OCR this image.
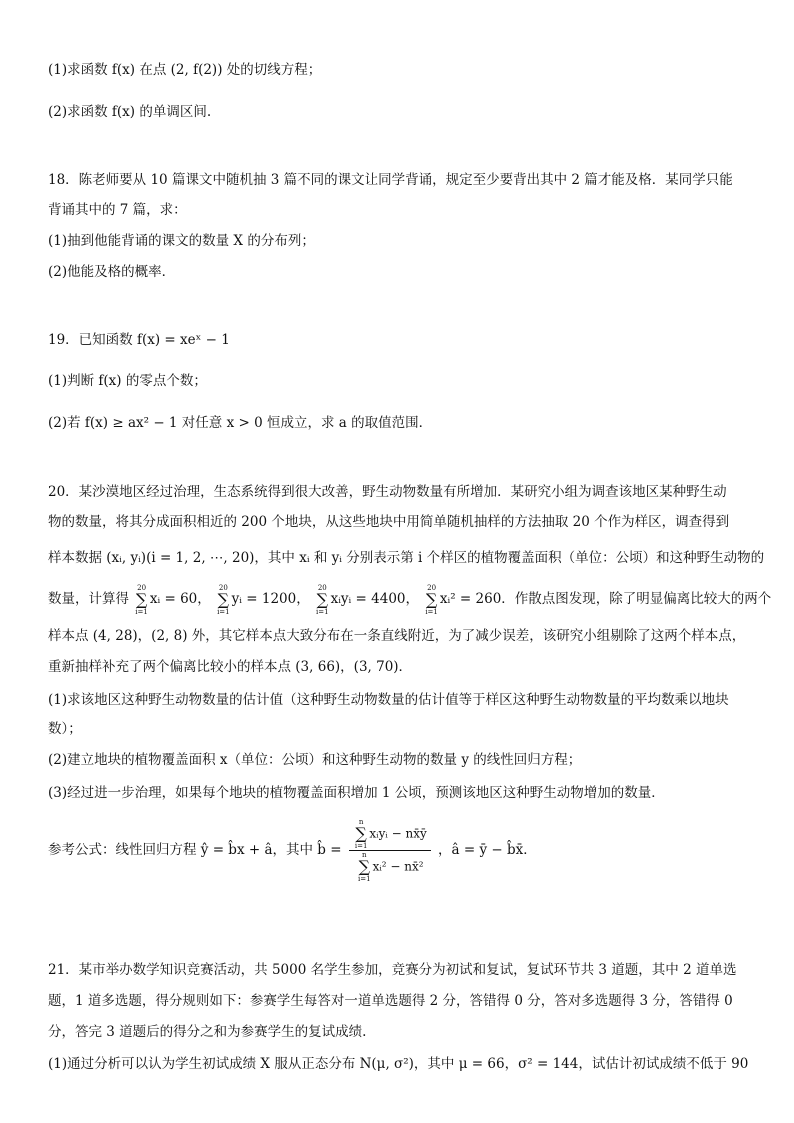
(1)求函数 f(x) 在点 (2, f(2)) 处的切线方程；
(2)求函数 f(x) 的单调区间.
18．陈老师要从 10 篇课文中随机抽 3 篇不同的课文让同学背诵，规定至少要背出其中 2 篇才能及格．某同学只能
背诵其中的 7 篇，求：
(1)抽到他能背诵的课文的数量 X 的分布列；
(2)他能及格的概率．
19．已知函数 f(x) = xeˣ − 1
(1)判断 f(x) 的零点个数；
(2)若 f(x) ≥ ax² − 1 对任意 x > 0 恒成立，求 a 的取值范围．
20．某沙漠地区经过治理，生态系统得到很大改善，野生动物数量有所增加．某研究小组为调查该地区某种野生动
物的数量，将其分成面积相近的 200 个地块，从这些地块中用简单随机抽样的方法抽取 20 个作为样区，调查得到
样本数据 (xᵢ, yᵢ)(i = 1, 2, ⋯, 20)，其中 xᵢ 和 yᵢ 分别表示第 i 个样区的植物覆盖面积（单位：公顷）和这种野生动物的
数量，计算得
20
∑
i=1
xᵢ = 60，
20
∑
i=1
yᵢ = 1200，
20
∑
i=1
xᵢyᵢ = 4400，
20
∑
i=1
xᵢ² = 260．作散点图发现，除了明显偏离比较大的两个
样本点 (4, 28)，(2, 8) 外，其它样本点大致分布在一条直线附近，为了减少误差，该研究小组剔除了这两个样本点，
重新抽样补充了两个偏离比较小的样本点 (3, 66)，(3, 70)．
(1)求该地区这种野生动物数量的估计值（这种野生动物数量的估计值等于样区这种野生动物数量的平均数乘以地块
数）；
(2)建立地块的植物覆盖面积 x（单位：公顷）和这种野生动物的数量 y 的线性回归方程；
(3)经过进一步治理，如果每个地块的植物覆盖面积增加 1 公顷，预测该地区这种野生动物增加的数量．
参考公式：线性回归方程 ŷ = b̂x + â，其中 b̂ = n
∑
i=1
xᵢyᵢ − nx̄ȳ
n
∑
i=1
xᵢ² − nx̄² ，â = ȳ − b̂x̄．
21．某市举办数学知识竞赛活动，共 5000 名学生参加，竞赛分为初试和复试，复试环节共 3 道题，其中 2 道单选
题，1 道多选题，得分规则如下：参赛学生每答对一道单选题得 2 分，答错得 0 分，答对多选题得 3 分，答错得 0
分，答完 3 道题后的得分之和为参赛学生的复试成绩.
(1)通过分析可以认为学生初试成绩 X 服从正态分布 N(μ, σ²)，其中 μ = 66，σ² = 144，试估计初试成绩不低于 90
